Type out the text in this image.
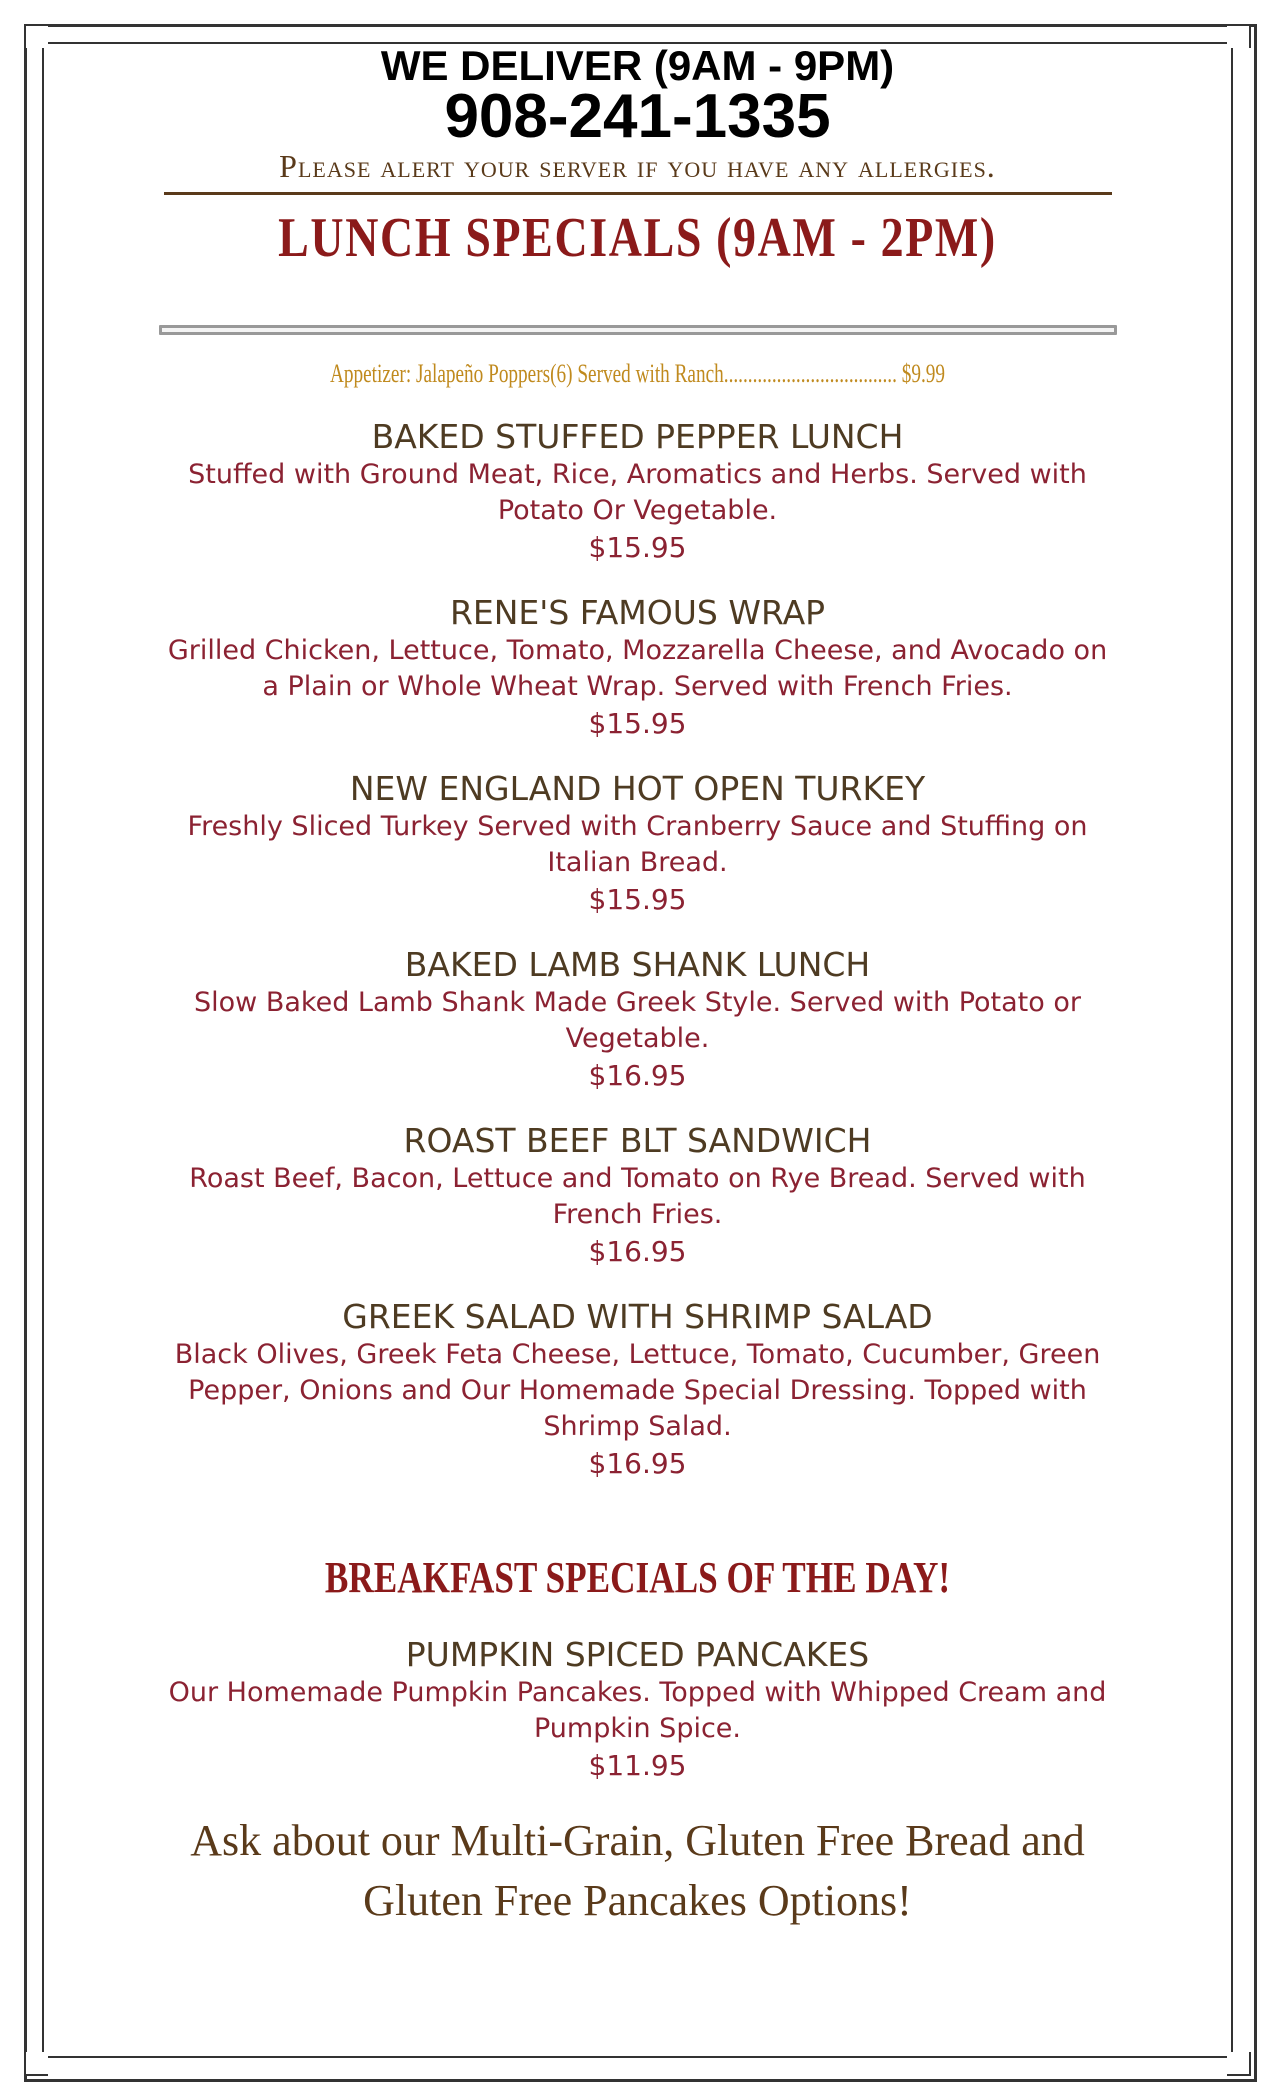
WE DELIVER (9AM - 9PM)

908-241-1335

Please alert your server if you have any allergies.

LUNCH SPECIALS (9AM - 2PM)

Appetizer: Jalapeño Poppers(6) Served with Ranch.................................... $9.99

BAKED STUFFED PEPPER LUNCH

Stuffed with Ground Meat, Rice, Aromatics and Herbs. Served with Potato Or Vegetable.

$15.95

RENE'S FAMOUS WRAP

Grilled Chicken, Lettuce, Tomato, Mozzarella Cheese, and Avocado on a Plain or Whole Wheat Wrap. Served with French Fries.

$15.95

NEW ENGLAND HOT OPEN TURKEY

Freshly Sliced Turkey Served with Cranberry Sauce and Stuffing on Italian Bread.

$15.95

BAKED LAMB SHANK LUNCH

Slow Baked Lamb Shank Made Greek Style. Served with Potato or Vegetable.

$16.95

ROAST BEEF BLT SANDWICH

Roast Beef, Bacon, Lettuce and Tomato on Rye Bread. Served with French Fries.

$16.95

GREEK SALAD WITH SHRIMP SALAD

Black Olives, Greek Feta Cheese, Lettuce, Tomato, Cucumber, Green Pepper, Onions and Our Homemade Special Dressing. Topped with Shrimp Salad.

$16.95

BREAKFAST SPECIALS OF THE DAY!

PUMPKIN SPICED PANCAKES

Our Homemade Pumpkin Pancakes. Topped with Whipped Cream and Pumpkin Spice.

$11.95

Ask about our Multi-Grain, Gluten Free Bread and Gluten Free Pancakes Options!
